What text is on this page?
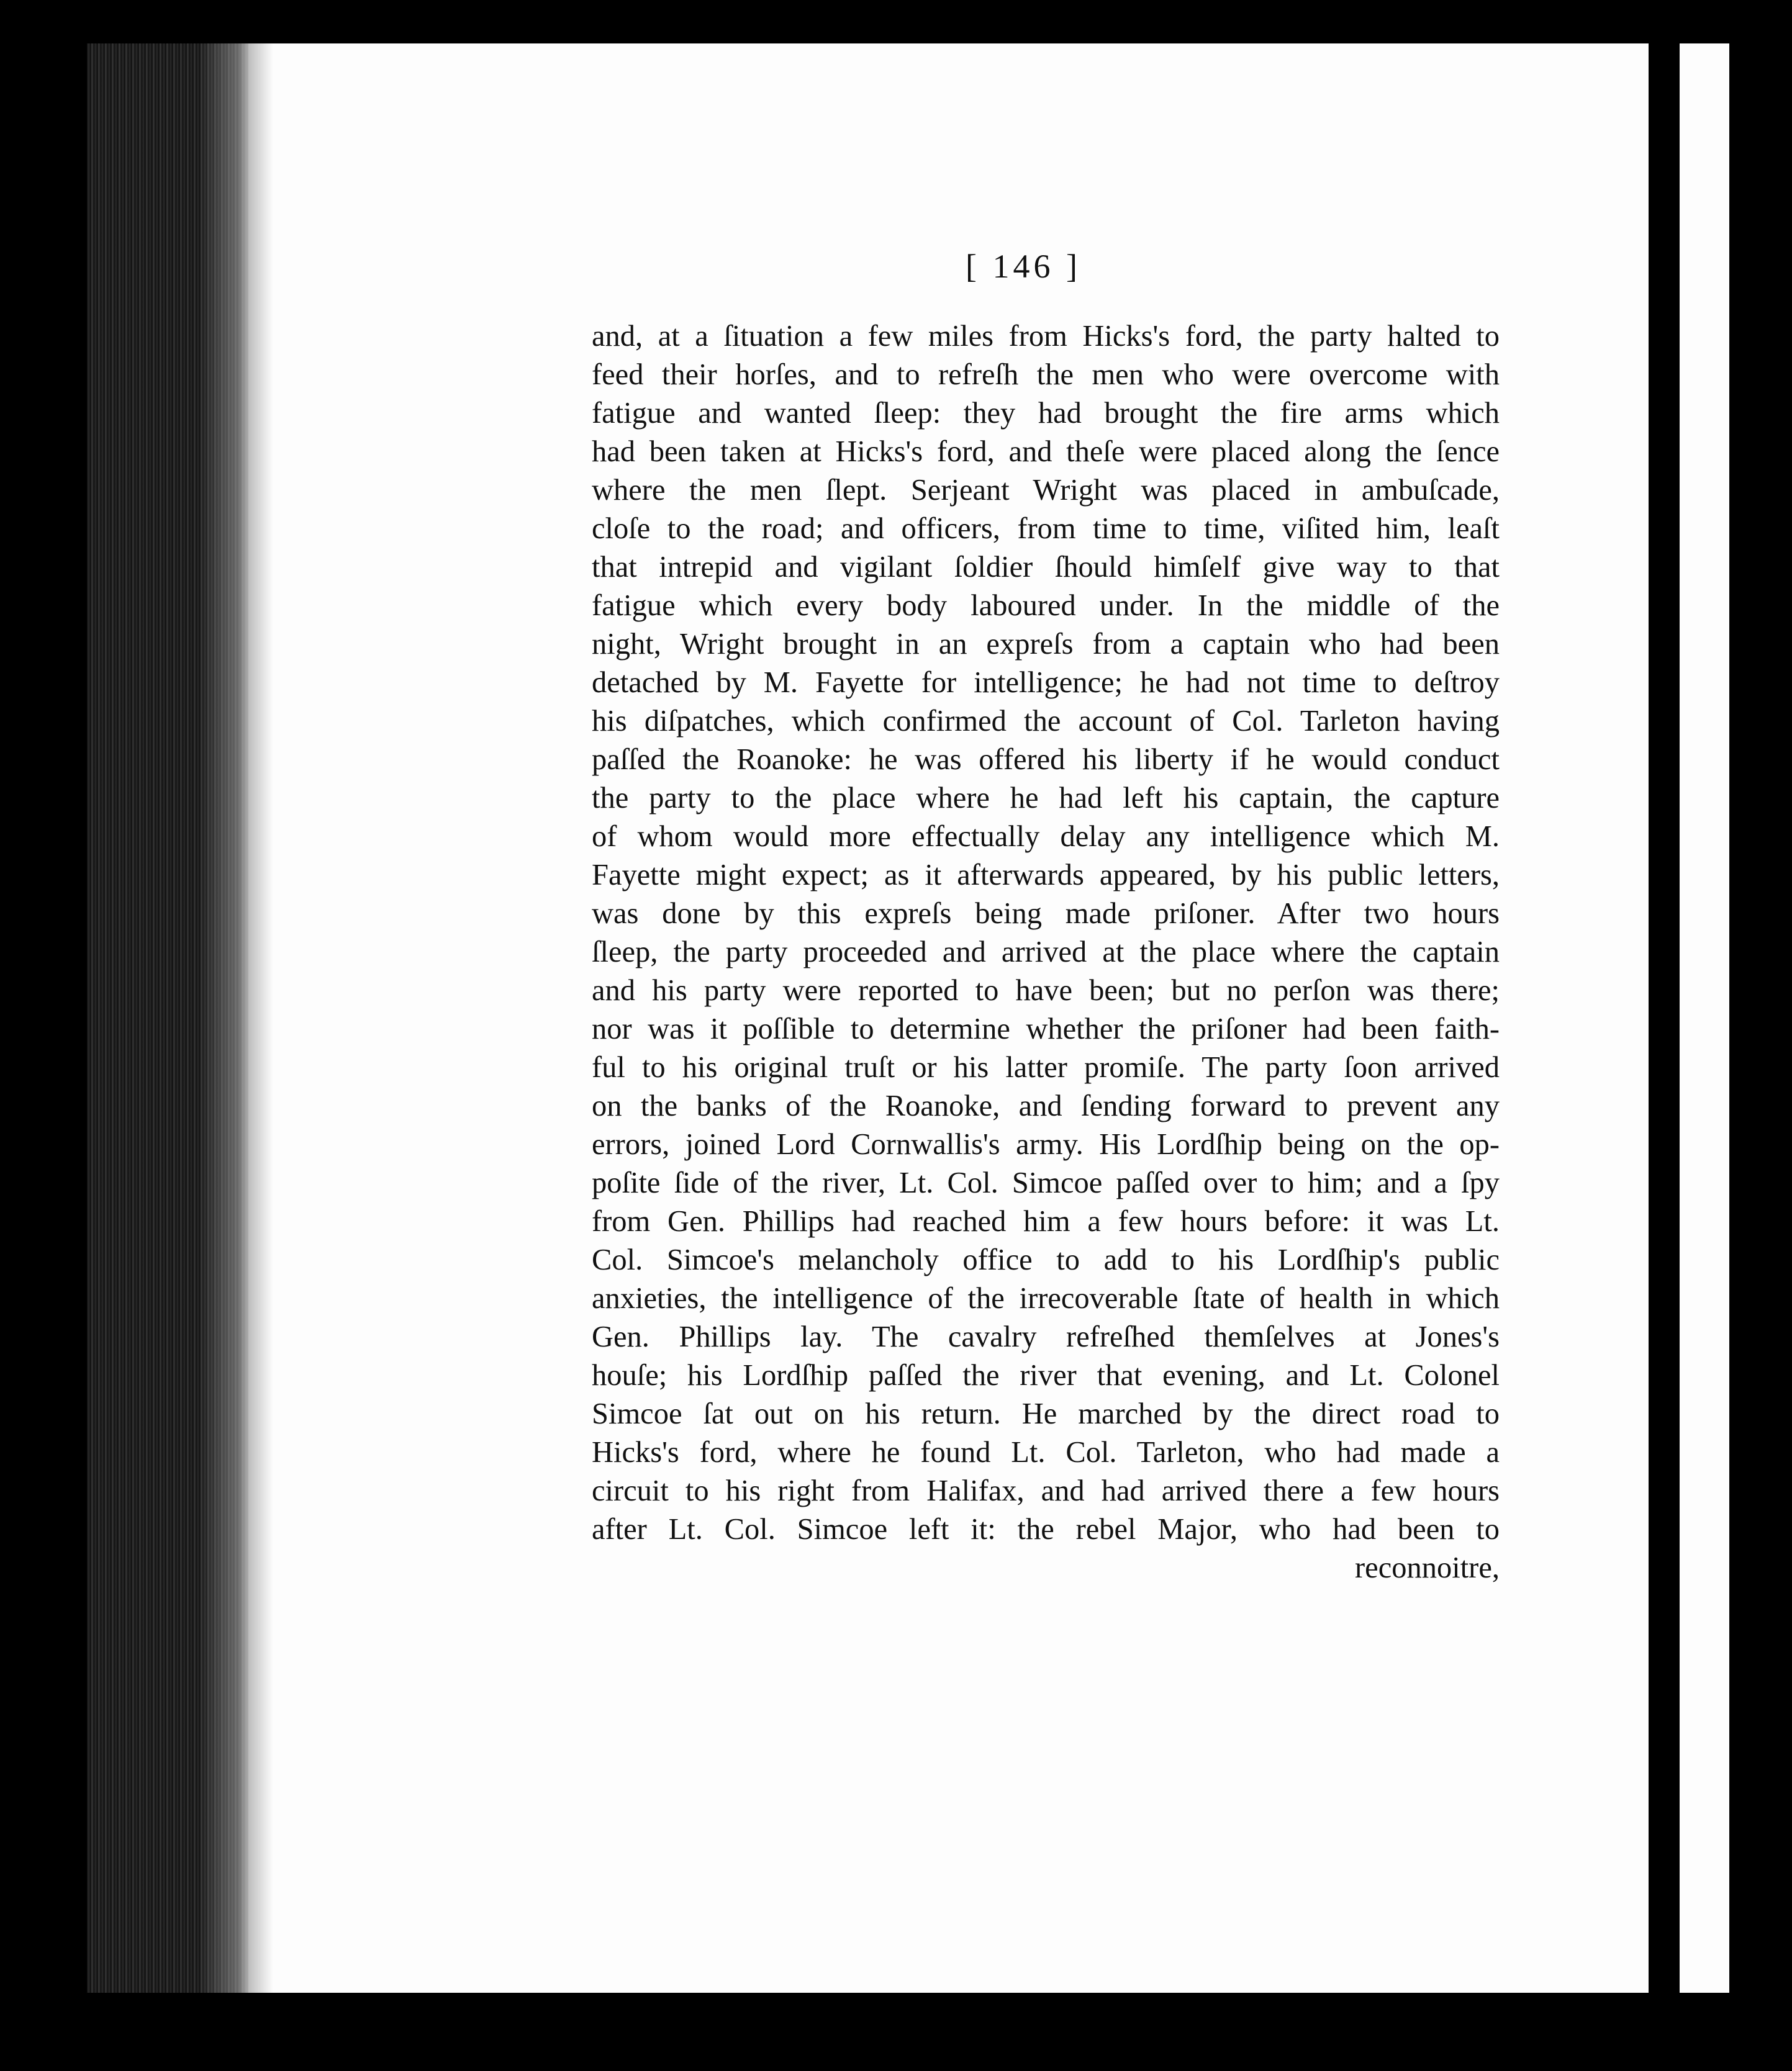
[ 146 ]
and, at a ſituation a few miles from Hicks's ford, the party halted to
feed their horſes, and to refreſh the men who were overcome with
fatigue and wanted ſleep: they had brought the fire arms which
had been taken at Hicks's ford, and theſe were placed along the ſence
where the men ſlept. Serjeant Wright was placed in ambuſcade,
cloſe to the road; and officers, from time to time, viſited him, leaſt
that intrepid and vigilant ſoldier ſhould himſelf give way to that
fatigue which every body laboured under. In the middle of the
night, Wright brought in an expreſs from a captain who had been
detached by M. Fayette for intelligence; he had not time to deſtroy
his diſpatches, which confirmed the account of Col. Tarleton having
paſſed the Roanoke: he was offered his liberty if he would conduct
the party to the place where he had left his captain, the capture
of whom would more effectually delay any intelligence which M.
Fayette might expect; as it afterwards appeared, by his public letters,
was done by this expreſs being made priſoner. After two hours
ſleep, the party proceeded and arrived at the place where the captain
and his party were reported to have been; but no perſon was there;
nor was it poſſible to determine whether the priſoner had been faith-
ful to his original truſt or his latter promiſe. The party ſoon arrived
on the banks of the Roanoke, and ſending forward to prevent any
errors, joined Lord Cornwallis's army. His Lordſhip being on the op-
poſite ſide of the river, Lt. Col. Simcoe paſſed over to him; and a ſpy
from Gen. Phillips had reached him a few hours before: it was Lt.
Col. Simcoe's melancholy office to add to his Lordſhip's public
anxieties, the intelligence of the irrecoverable ſtate of health in which
Gen. Phillips lay. The cavalry refreſhed themſelves at Jones's
houſe; his Lordſhip paſſed the river that evening, and Lt. Colonel
Simcoe ſat out on his return. He marched by the direct road to
Hicks's ford, where he found Lt. Col. Tarleton, who had made a
circuit to his right from Halifax, and had arrived there a few hours
after Lt. Col. Simcoe left it: the rebel Major, who had been to
reconnoitre,
